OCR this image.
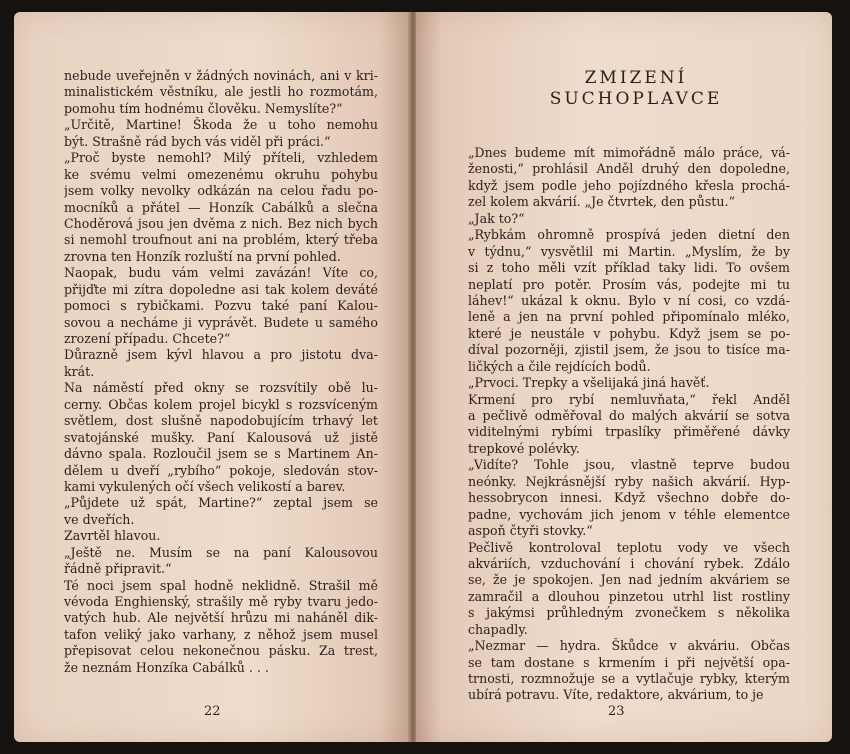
nebude uveřejněn v žádných novinách, ani v kri-
minalistickém věstníku, ale jestli ho rozmotám,
pomohu tím hodnému člověku. Nemyslíte?“
„Určitě, Martine! Škoda že u toho nemohu
být. Strašně rád bych vás viděl při práci.“
„Proč byste nemohl? Milý příteli, vzhledem
ke svému velmi omezenému okruhu pohybu
jsem volky nevolky odkázán na celou řadu po-
mocníků a přátel — Honzík Cabálků a slečna
Choděrová jsou jen dvěma z nich. Bez nich bych
si nemohl troufnout ani na problém, který třeba
zrovna ten Honzík rozluští na první pohled.
Naopak, budu vám velmi zavázán! Víte co,
přijďte mi zítra dopoledne asi tak kolem deváté
pomoci s rybičkami. Pozvu také paní Kalou-
sovou a necháme ji vyprávět. Budete u samého
zrození případu. Chcete?“
Důrazně jsem kývl hlavou a pro jistotu dva-
krát.
Na náměstí před okny se rozsvítily obě lu-
cerny. Občas kolem projel bicykl s rozsvíceným
světlem, dost slušně napodobujícím trhavý let
svatojánské mušky. Paní Kalousová už jistě
dávno spala. Rozloučil jsem se s Martinem An-
dělem u dveří „rybího“ pokoje, sledován stov-
kami vykulených očí všech velikostí a barev.
„Půjdete už spát, Martine?“ zeptal jsem se
ve dveřích.
Zavrtěl hlavou.
„Ještě ne. Musím se na paní Kalousovou
řádně připravit.“
Té noci jsem spal hodně neklidně. Strašil mě
vévoda Enghienský, strašily mě ryby tvaru jedo-
vatých hub. Ale největší hrůzu mi naháněl dik-
tafon veliký jako varhany, z něhož jsem musel
přepisovat celou nekonečnou pásku. Za trest,
že neznám Honzíka Cabálků . . .
22
ZMIZENÍ
SUCHOPLAVCE
„Dnes budeme mít mimořádně málo práce, vá-
ženosti,“ prohlásil Anděl druhý den dopoledne,
když jsem podle jeho pojízdného křesla prochá-
zel kolem akvárií. „Je čtvrtek, den půstu.“
„Jak to?“
„Rybkám ohromně prospívá jeden dietní den
v týdnu,“ vysvětlil mi Martin. „Myslím, že by
si z toho měli vzít příklad taky lidi. To ovšem
neplatí pro potěr. Prosím vás, podejte mi tu
láhev!“ ukázal k oknu. Bylo v ní cosi, co vzdá-
leně a jen na první pohled připomínalo mléko,
které je neustále v pohybu. Když jsem se po-
díval pozorněji, zjistil jsem, že jsou to tisíce ma-
ličkých a čile rejdících bodů.
„Prvoci. Trepky a všelijaká jiná havěť.
Krmení pro rybí nemluvňata,“ řekl Anděl
a pečlivě odměřoval do malých akvárií se sotva
viditelnými rybími trpaslíky přiměřené dávky
trepkové polévky.
„Vidíte? Tohle jsou, vlastně teprve budou
neónky. Nejkrásnější ryby našich akvárií. Hyp-
hessobrycon innesi. Když všechno dobře do-
padne, vychovám jich jenom v téhle elementce
aspoň čtyři stovky.“
Pečlivě kontroloval teplotu vody ve všech
akváriích, vzduchování i chování rybek. Zdálo
se, že je spokojen. Jen nad jedním akváriem se
zamračil a dlouhou pinzetou utrhl list rostliny
s jakýmsi průhledným zvonečkem s několika
chapadly.
„Nezmar — hydra. Škůdce v akváriu. Občas
se tam dostane s krmením i při největší opa-
trnosti, rozmnožuje se a vytlačuje rybky, kterým
ubírá potravu. Víte, redaktore, akvárium, to je
23
